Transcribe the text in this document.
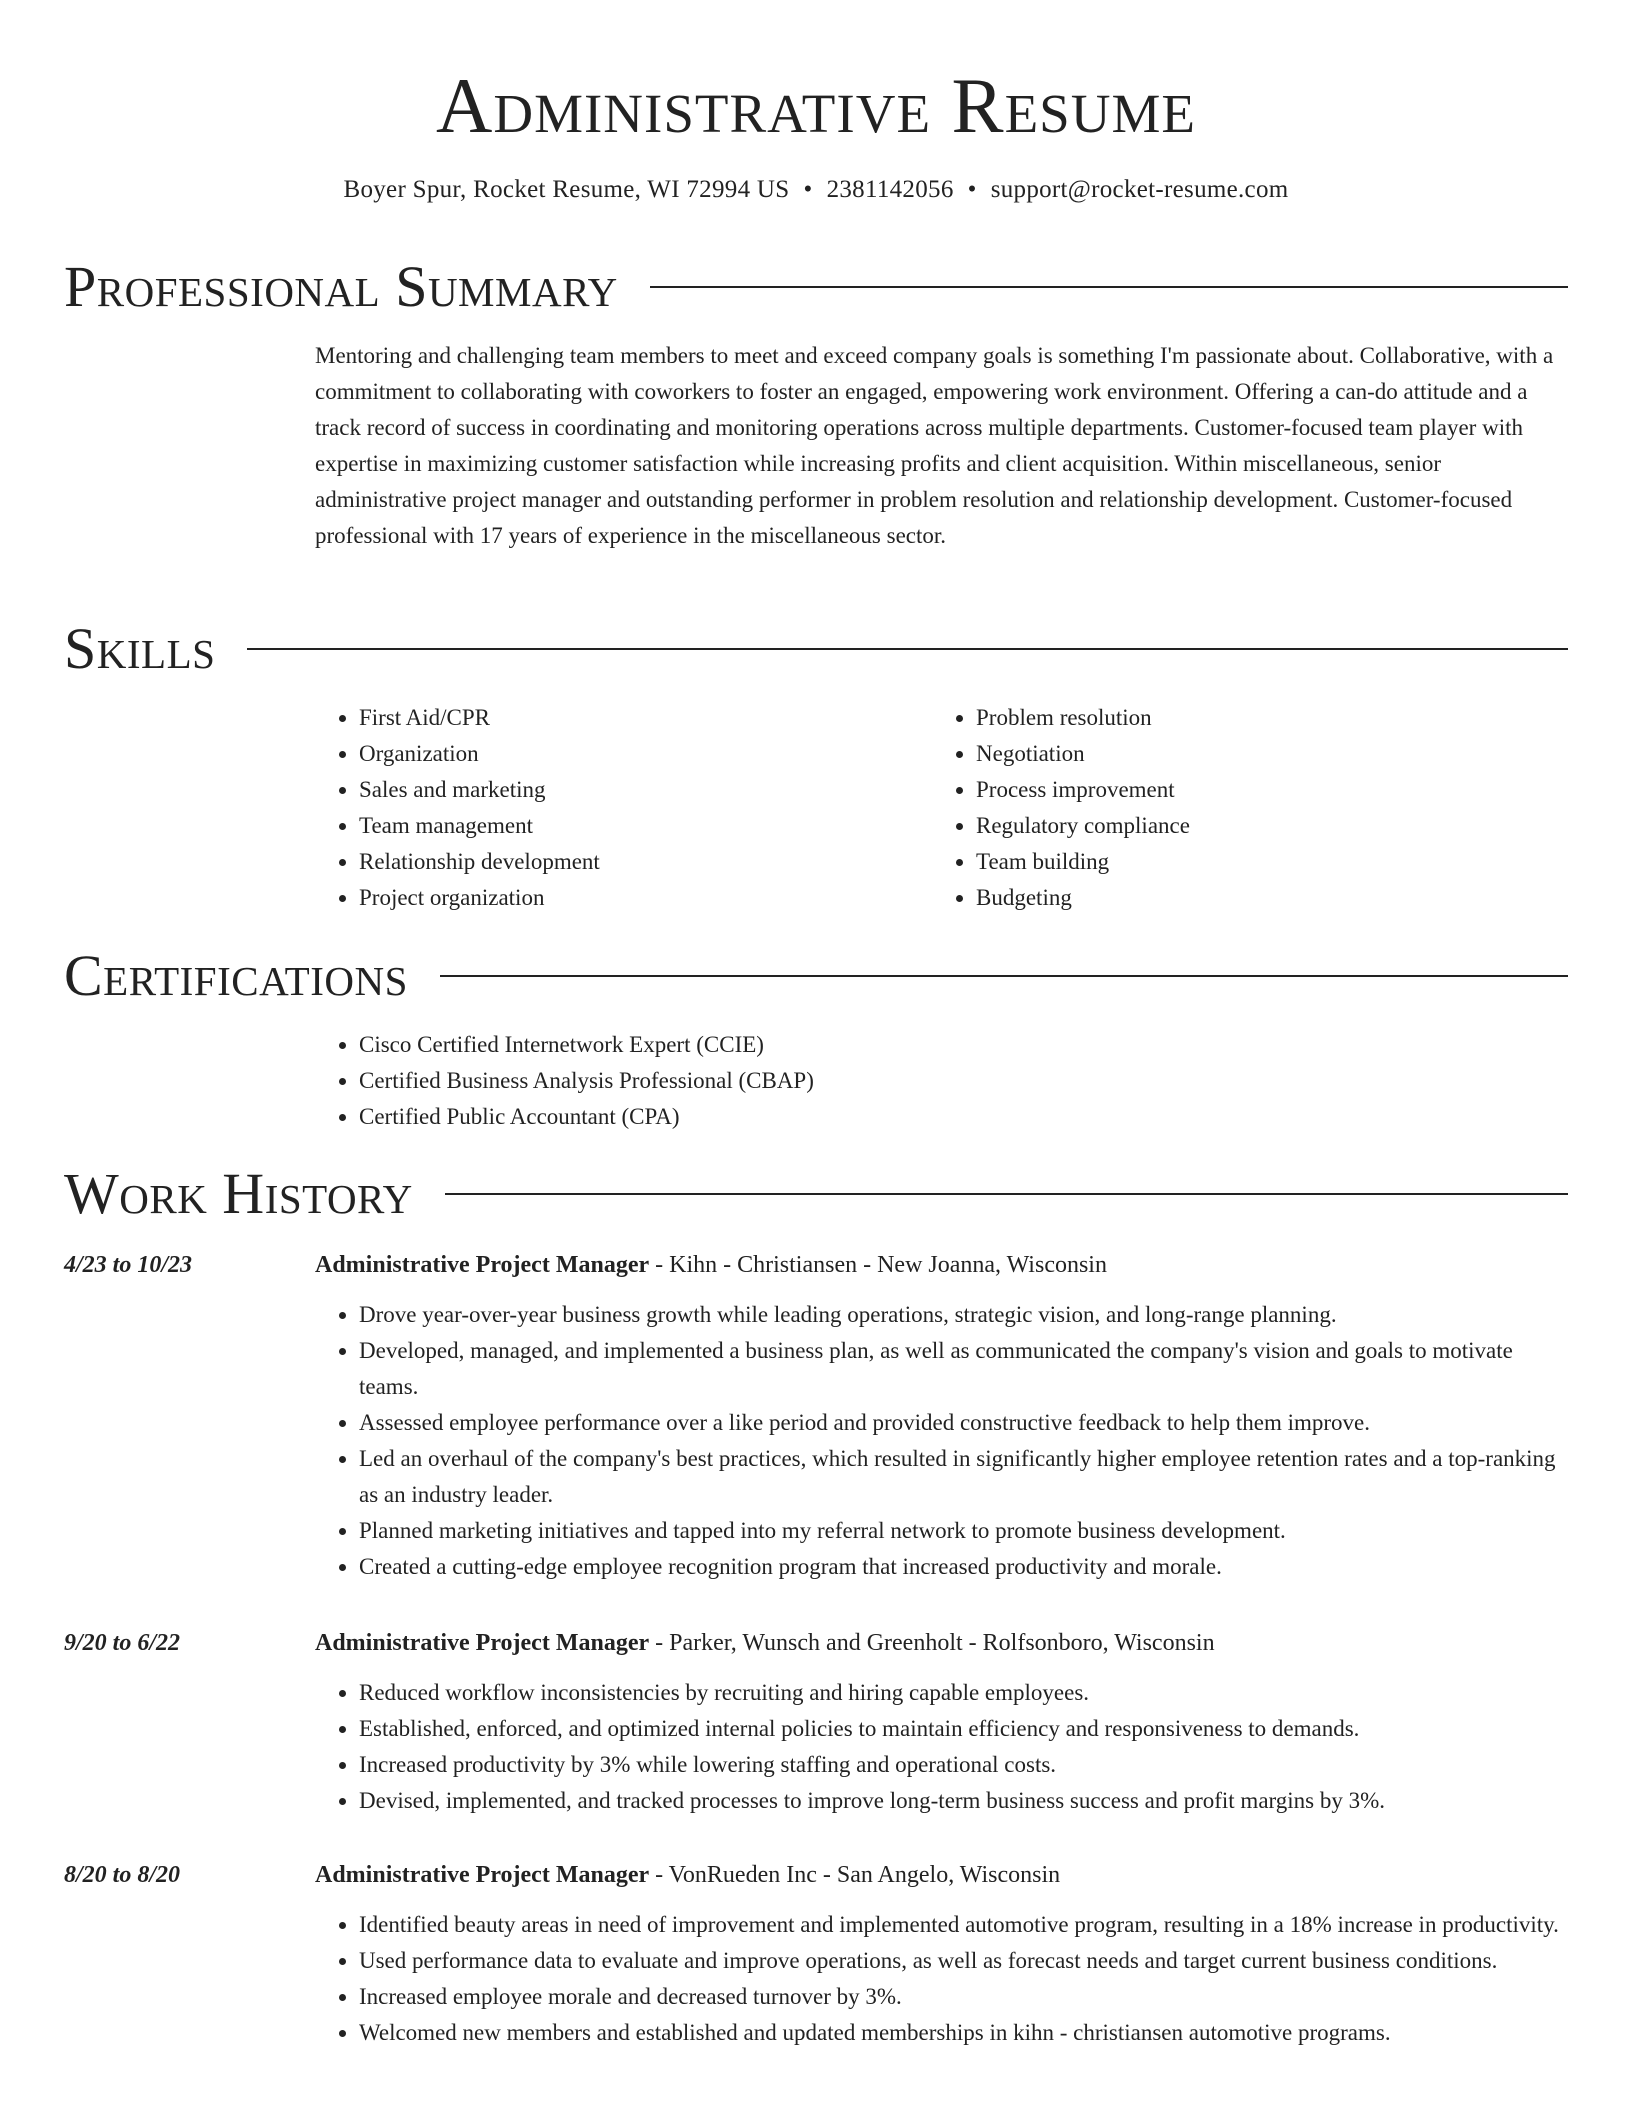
Administrative Resume
Boyer Spur, Rocket Resume, WI 72994 US • 2381142056 • support@rocket-resume.com
Professional Summary

Mentoring and challenging team members to meet and exceed company goals is something I'm passionate about. Collaborative, with a commitment to collaborating with coworkers to foster an engaged, empowering work environment. Offering a can-do attitude and a track record of success in coordinating and monitoring operations across multiple departments. Customer-focused team player with expertise in maximizing customer satisfaction while increasing profits and client acquisition. Within miscellaneous, senior administrative project manager and outstanding performer in problem resolution and relationship development. Customer-focused professional with 17 years of experience in the miscellaneous sector.

Skills
• First Aid/CPR
• Organization
• Sales and marketing
• Team management
• Relationship development
• Project organization
• Problem resolution
• Negotiation
• Process improvement
• Regulatory compliance
• Team building
• Budgeting
Certifications
• Cisco Certified Internetwork Expert (CCIE)
• Certified Business Analysis Professional (CBAP)
• Certified Public Accountant (CPA)
Work History
4/23 to 10/23	Administrative Project Manager - Kihn - Christiansen - New Joanna, Wisconsin
• Drove year-over-year business growth while leading operations, strategic vision, and long-range planning.
• Developed, managed, and implemented a business plan, as well as communicated the company's vision and goals to motivate teams.
• Assessed employee performance over a like period and provided constructive feedback to help them improve.
• Led an overhaul of the company's best practices, which resulted in significantly higher employee retention rates and a top-ranking as an industry leader.
• Planned marketing initiatives and tapped into my referral network to promote business development.
• Created a cutting-edge employee recognition program that increased productivity and morale.
9/20 to 6/22	Administrative Project Manager - Parker, Wunsch and Greenholt - Rolfsonboro, Wisconsin
• Reduced workflow inconsistencies by recruiting and hiring capable employees.
• Established, enforced, and optimized internal policies to maintain efficiency and responsiveness to demands.
• Increased productivity by 3% while lowering staffing and operational costs.
• Devised, implemented, and tracked processes to improve long-term business success and profit margins by 3%.
8/20 to 8/20	Administrative Project Manager - VonRueden Inc - San Angelo, Wisconsin
• Identified beauty areas in need of improvement and implemented automotive program, resulting in a 18% increase in productivity.
• Used performance data to evaluate and improve operations, as well as forecast needs and target current business conditions.
• Increased employee morale and decreased turnover by 3%.
• Welcomed new members and established and updated memberships in kihn - christiansen automotive programs.
